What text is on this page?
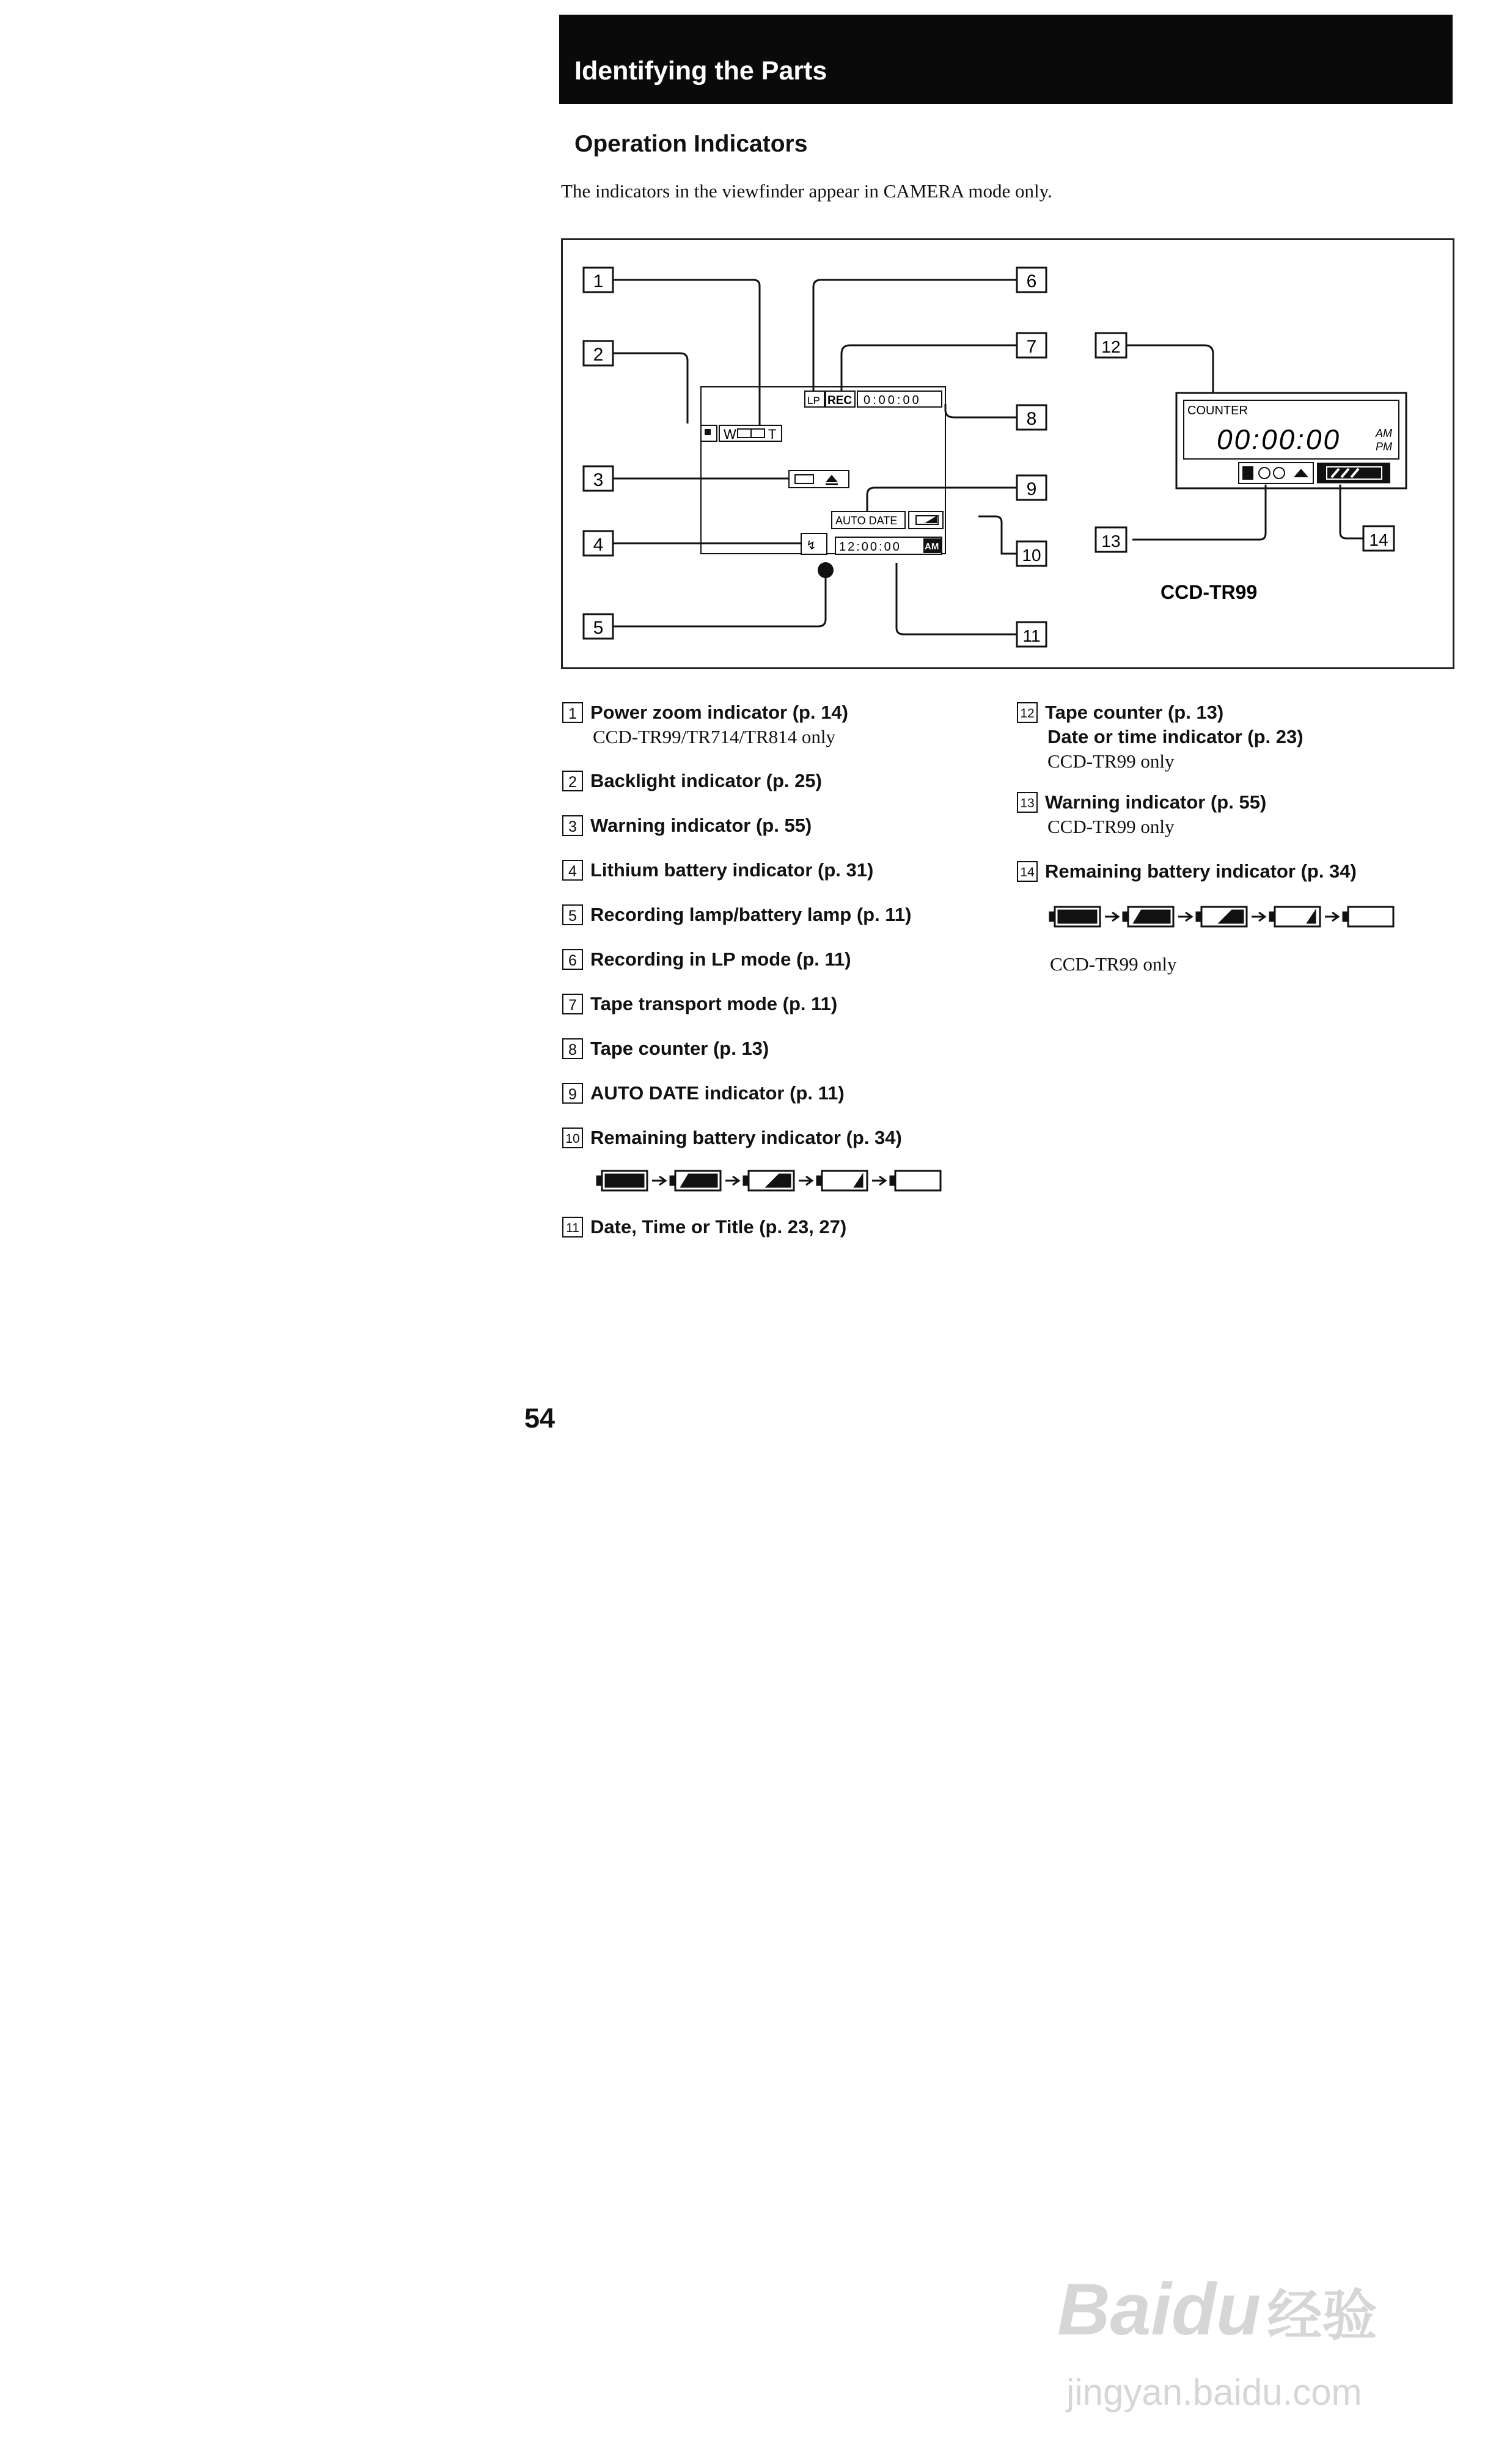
Identifying the Parts
Operation Indicators
The indicators in the viewfinder appear in CAMERA mode only.
1
2
3
4
5
6
7
8
9
10
11
12
13	14
W T
LP REC 0:00:00
AUTO DATE
↯ 12:00:00	AM
COUNTER
00:00:00	AM
PM
CCD-TR99
1 Power zoom indicator (p. 14)
CCD-TR99/TR714/TR814 only
2 Backlight indicator (p. 25)
3 Warning indicator (p. 55)
4 Lithium battery indicator (p. 31)
5 Recording lamp/battery lamp (p. 11)
6 Recording in LP mode (p. 11)
7 Tape transport mode (p. 11)
8 Tape counter (p. 13)
9 AUTO DATE indicator (p. 11)
10 Remaining battery indicator (p. 34)
11 Date, Time or Title (p. 23, 27)
12 Tape counter (p. 13)
Date or time indicator (p. 23)
CCD-TR99 only
13 Warning indicator (p. 55)
CCD-TR99 only
14 Remaining battery indicator (p. 34)
CCD-TR99 only
54
Baidu 经验
jingyan.baidu.com
